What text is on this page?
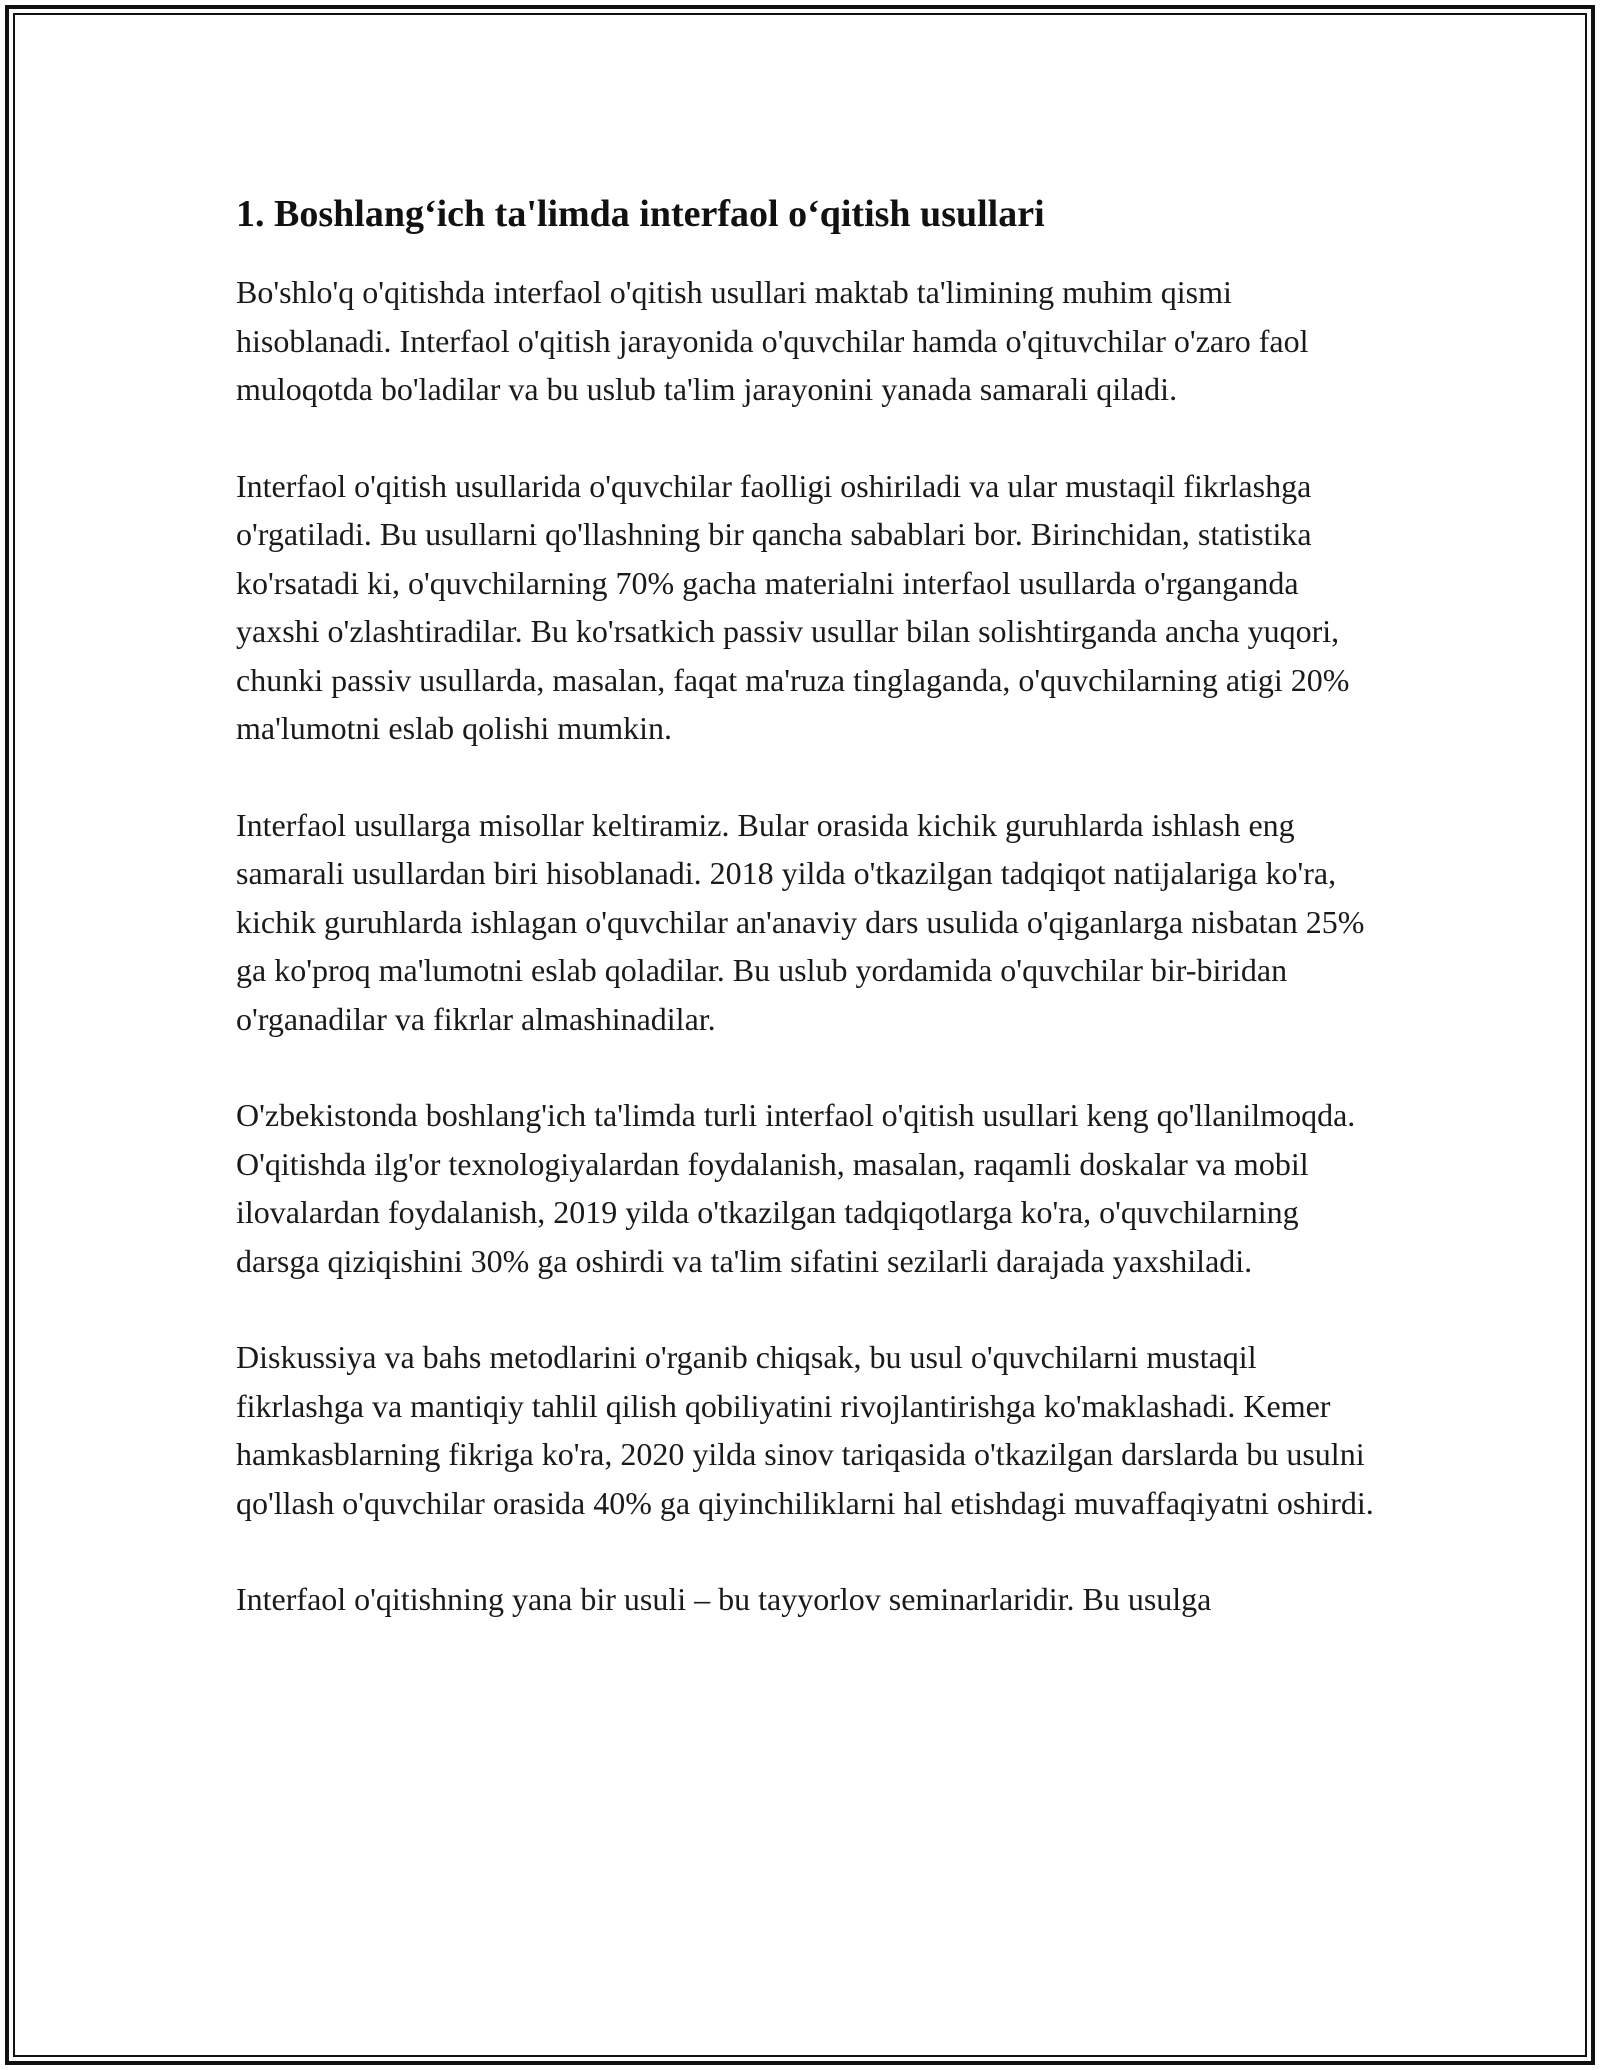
1. Boshlang‘ich ta'limda interfaol o‘qitish usullari

Bo'shlo'q o'qitishda interfaol o'qitish usullari maktab ta'limining muhim qismi hisoblanadi. Interfaol o'qitish jarayonida o'quvchilar hamda o'qituvchilar o'zaro faol muloqotda bo'ladilar va bu uslub ta'lim jarayonini yanada samarali qiladi.

Interfaol o'qitish usullarida o'quvchilar faolligi oshiriladi va ular mustaqil fikrlashga o'rgatiladi. Bu usullarni qo'llashning bir qancha sabablari bor. Birinchidan, statistika ko'rsatadi ki, o'quvchilarning 70% gacha materialni interfaol usullarda o'rganganda yaxshi o'zlashtiradilar. Bu ko'rsatkich passiv usullar bilan solishtirganda ancha yuqori, chunki passiv usullarda, masalan, faqat ma'ruza tinglaganda, o'quvchilarning atigi 20% ma'lumotni eslab qolishi mumkin.

Interfaol usullarga misollar keltiramiz. Bular orasida kichik guruhlarda ishlash eng samarali usullardan biri hisoblanadi. 2018 yilda o'tkazilgan tadqiqot natijalariga ko'ra, kichik guruhlarda ishlagan o'quvchilar an'anaviy dars usulida o'qiganlarga nisbatan 25% ga ko'proq ma'lumotni eslab qoladilar. Bu uslub yordamida o'quvchilar bir-biridan o'rganadilar va fikrlar almashinadilar.

O'zbekistonda boshlang'ich ta'limda turli interfaol o'qitish usullari keng qo'llanilmoqda. O'qitishda ilg'or texnologiyalardan foydalanish, masalan, raqamli doskalar va mobil ilovalardan foydalanish, 2019 yilda o'tkazilgan tadqiqotlarga ko'ra, o'quvchilarning darsga qiziqishini 30% ga oshirdi va ta'lim sifatini sezilarli darajada yaxshiladi.

Diskussiya va bahs metodlarini o'rganib chiqsak, bu usul o'quvchilarni mustaqil fikrlashga va mantiqiy tahlil qilish qobiliyatini rivojlantirishga ko'maklashadi. Kemer hamkasblarning fikriga ko'ra, 2020 yilda sinov tariqasida o'tkazilgan darslarda bu usulni qo'llash o'quvchilar orasida 40% ga qiyinchiliklarni hal etishdagi muvaffaqiyatni oshirdi.

Interfaol o'qitishning yana bir usuli – bu tayyorlov seminarlaridir. Bu usulga
